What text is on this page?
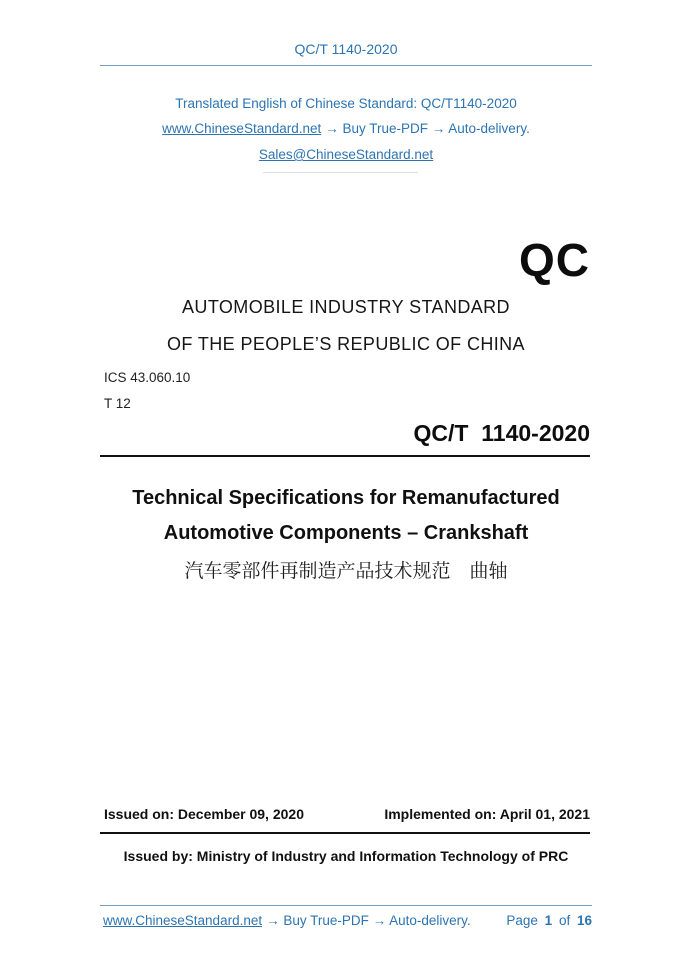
QC/T 1140-2020
Translated English of Chinese Standard: QC/T1140-2020
www.ChineseStandard.net → Buy True-PDF → Auto-delivery.
Sales@ChineseStandard.net
QC
AUTOMOBILE INDUSTRY STANDARD
OF THE PEOPLE’S REPUBLIC OF CHINA
ICS 43.060.10
T 12
QC/T  1140-2020
Technical Specifications for Remanufactured
Automotive Components – Crankshaft
汽车零部件再制造产品技术规范　曲轴
Issued on: December 09, 2020	Implemented on: April 01, 2021
Issued by: Ministry of Industry and Information Technology of PRC
www.ChineseStandard.net → Buy True-PDF → Auto-delivery.	Page 1 of 16
